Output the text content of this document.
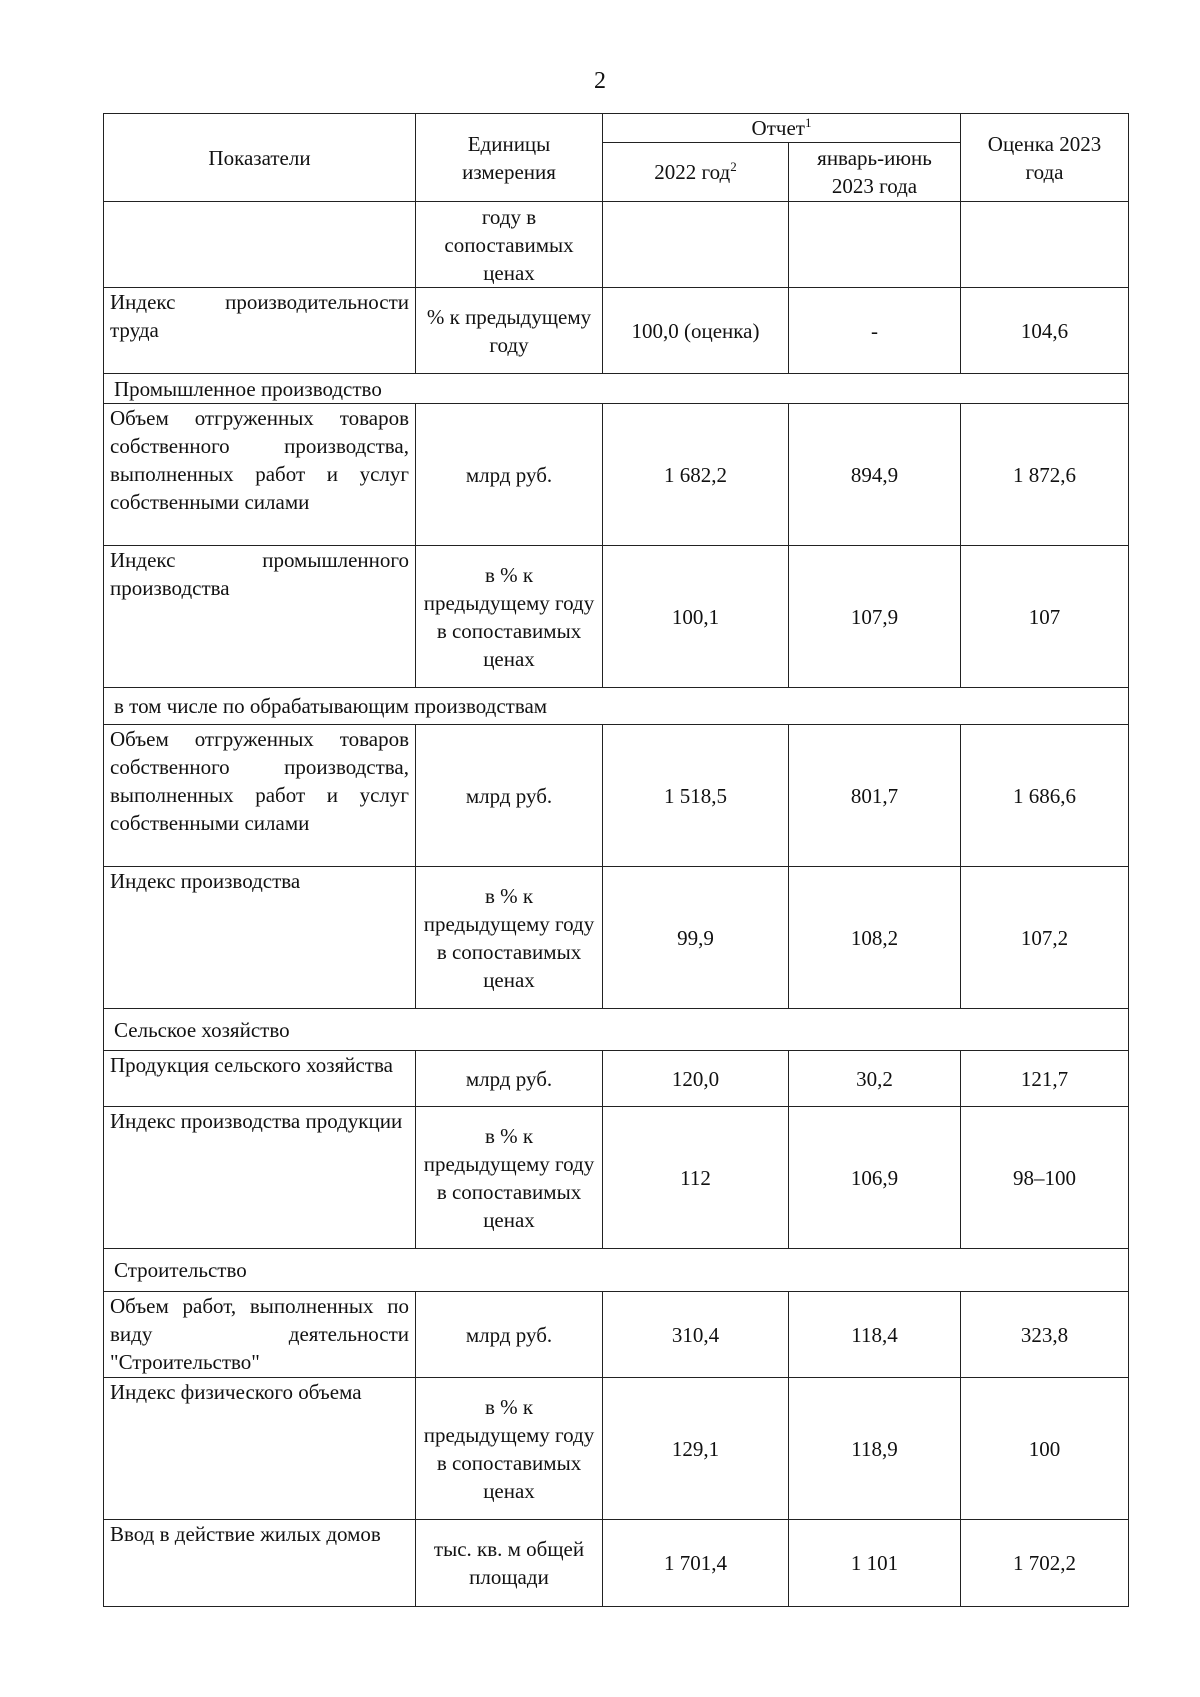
2
Показатели	Единицы измерения	Отчет$^1$		Оценка 2023 года
		2022 год$^2$	январь-июнь 2023 года	
	году в сопоставимых ценах			
Индекс производительности труда	% к предыдущему году	100,0 (оценка)	-	104,6
Промышленное производство				
Объем отгруженных товаров собственного производства, выполненных работ и услуг собственными силами	млрд руб.	1 682,2	894,9	1 872,6
Индекс промышленного производства	в % к предыдущему году в сопоставимых ценах	100,1	107,9	107
в том числе по обрабатывающим производствам				
Объем отгруженных товаров собственного производства, выполненных работ и услуг собственными силами	млрд руб.	1 518,5	801,7	1 686,6
Индекс производства	в % к предыдущему году в сопоставимых ценах	99,9	108,2	107,2
Сельское хозяйство				
Продукция сельского хозяйства	млрд руб.	120,0	30,2	121,7
Индекс производства продукции	в % к предыдущему году в сопоставимых ценах	112	106,9	98–100
Строительство				
Объем работ, выполненных по виду деятельности "Строительство"	млрд руб.	310,4	118,4	323,8
Индекс физического объема	в % к предыдущему году в сопоставимых ценах	129,1	118,9	100
Ввод в действие жилых домов	тыс. кв. м общей площади	1 701,4	1 101	1 702,2
